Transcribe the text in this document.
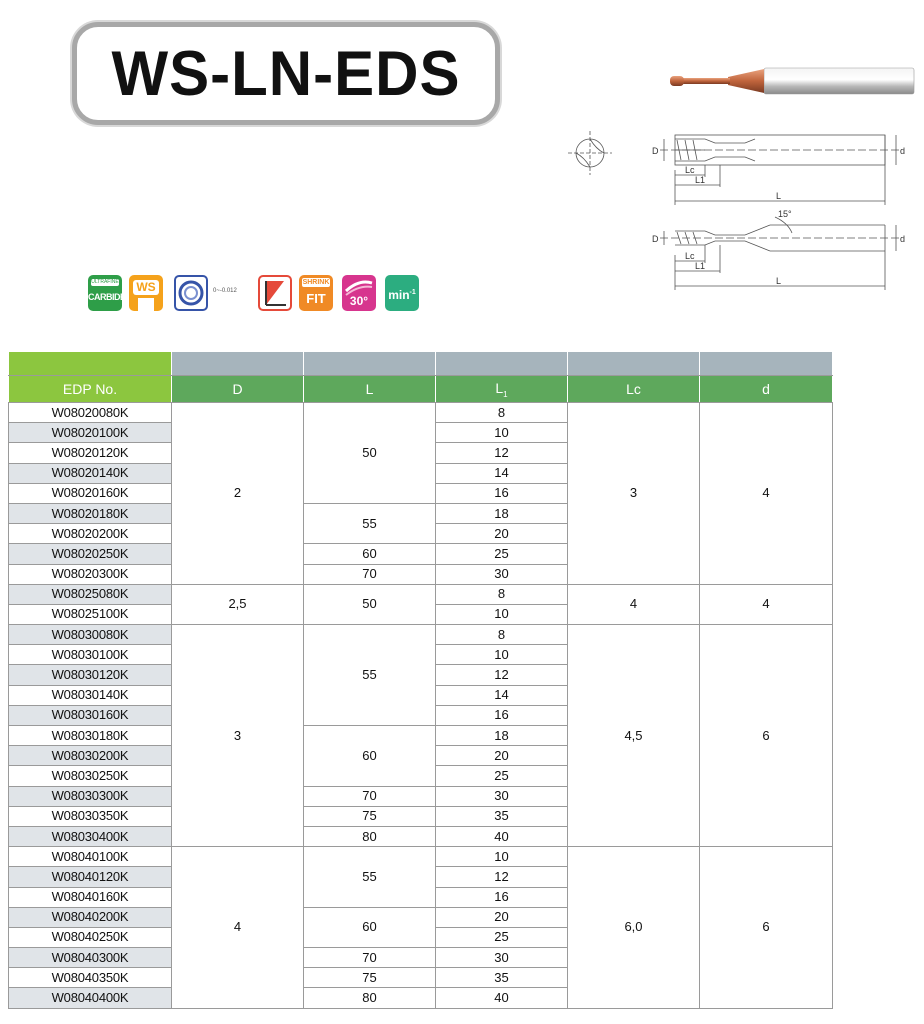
WS-LN-EDS
D	d
Lc
L1
L
15°
D	d
Lc
L1
L
ULTRAFINE
CARBIDE
WS	0~-0.012
SHRINK
FIT	30°	$\min^{-1}$

EDP No.	D	L	$L_1$	Lc	d
W08020080K	2	50	8	3	4
W08020100K			10		
W08020120K			12		
W08020140K			14		
W08020160K			16		
W08020180K		55	18		
W08020200K			20		
W08020250K		60	25		
W08020300K		70	30		
W08025080K	2,5	50	8	4	4
W08025100K			10		
W08030080K	3	55	8	4,5	6
W08030100K			10		
W08030120K			12		
W08030140K			14		
W08030160K			16		
W08030180K		60	18		
W08030200K			20		
W08030250K			25		
W08030300K		70	30		
W08030350K		75	35		
W08030400K		80	40		
W08040100K	4	55	10	6,0	6
W08040120K			12		
W08040160K			16		
W08040200K		60	20		
W08040250K			25		
W08040300K		70	30		
W08040350K		75	35		
W08040400K		80	40		
